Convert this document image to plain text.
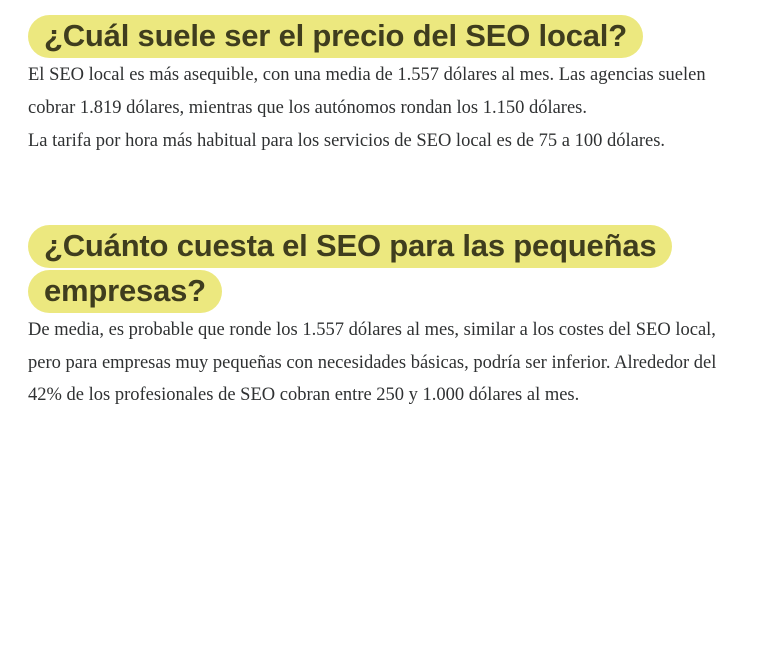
¿Cuál suele ser el precio del SEO local?

El SEO local es más asequible, con una media de 1.557 dólares al mes. Las agencias suelen cobrar 1.819 dólares, mientras que los autónomos rondan los 1.150 dólares.

La tarifa por hora más habitual para los servicios de SEO local es de 75 a 100 dólares.

¿Cuánto cuesta el SEO para las pequeñas empresas?

De media, es probable que ronde los 1.557 dólares al mes, similar a los costes del SEO local, pero para empresas muy pequeñas con necesidades básicas, podría ser inferior. Alrededor del 42% de los profesionales de SEO cobran entre 250 y 1.000 dólares al mes.
